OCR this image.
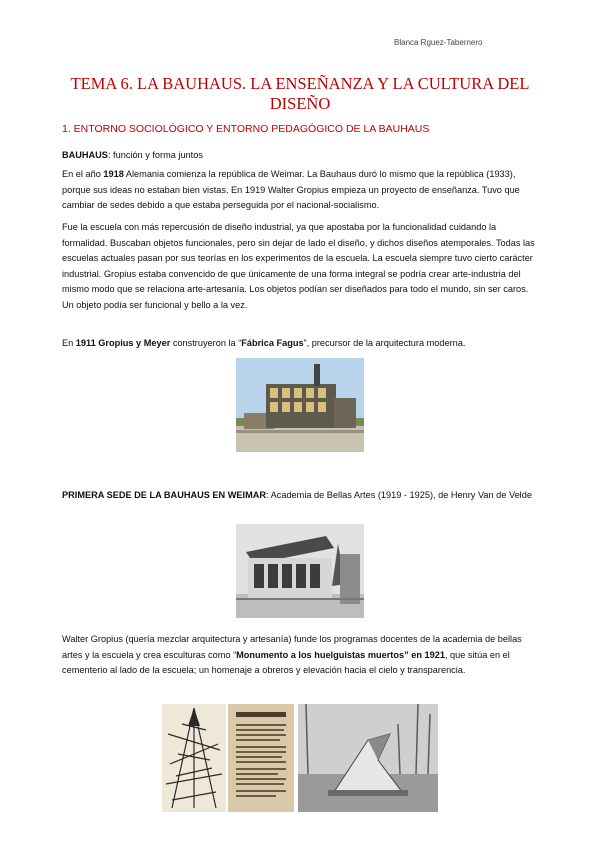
Blanca Rguez-Tabernero
TEMA 6. LA BAUHAUS. LA ENSEÑANZA Y LA CULTURA DEL DISEÑO
1. ENTORNO SOCIOLÓGICO Y ENTORNO PEDAGÓGICO DE LA BAUHAUS

BAUHAUS: función y forma juntos

En el año 1918 Alemania comienza la república de Weimar. La Bauhaus duró lo mismo que la república (1933), porque sus ideas no estaban bien vistas. En 1919 Walter Gropius empieza un proyecto de enseñanza. Tuvo que cambiar de sedes debido a que estaba perseguida por el nacional-socialismo.

Fue la escuela con más repercusión de diseño industrial, ya que apostaba por la funcionalidad cuidando la formalidad. Buscaban objetos funcionales, pero sin dejar de lado el diseño, y dichos diseños atemporales. Todas las escuelas actuales pasan por sus teorías en los experimentos de la escuela. La escuela siempre tuvo cierto carácter industrial. Gropius estaba convencido de que únicamente de una forma integral se podría crear arte-industria del mismo modo que se relaciona arte-artesanía. Los objetos podían ser diseñados para todo el mundo, sin ser caros. Un objeto podía ser funcional y bello a la vez.

En 1911 Gropius y Meyer construyeron la “Fábrica Fagus”, precursor de la arquitectura moderna.

PRIMERA SEDE DE LA BAUHAUS EN WEIMAR: Academia de Bellas Artes (1919 - 1925), de Henry Van de Velde

Walter Gropius (quería mezclar arquitectura y artesanía) funde los programas docentes de la academia de bellas artes y la escuela y crea esculturas como “Monumento a los huelguistas muertos” en 1921, que sitúa en el cementerio al lado de la escuela; un homenaje a obreros y elevación hacia el cielo y transparencia.
